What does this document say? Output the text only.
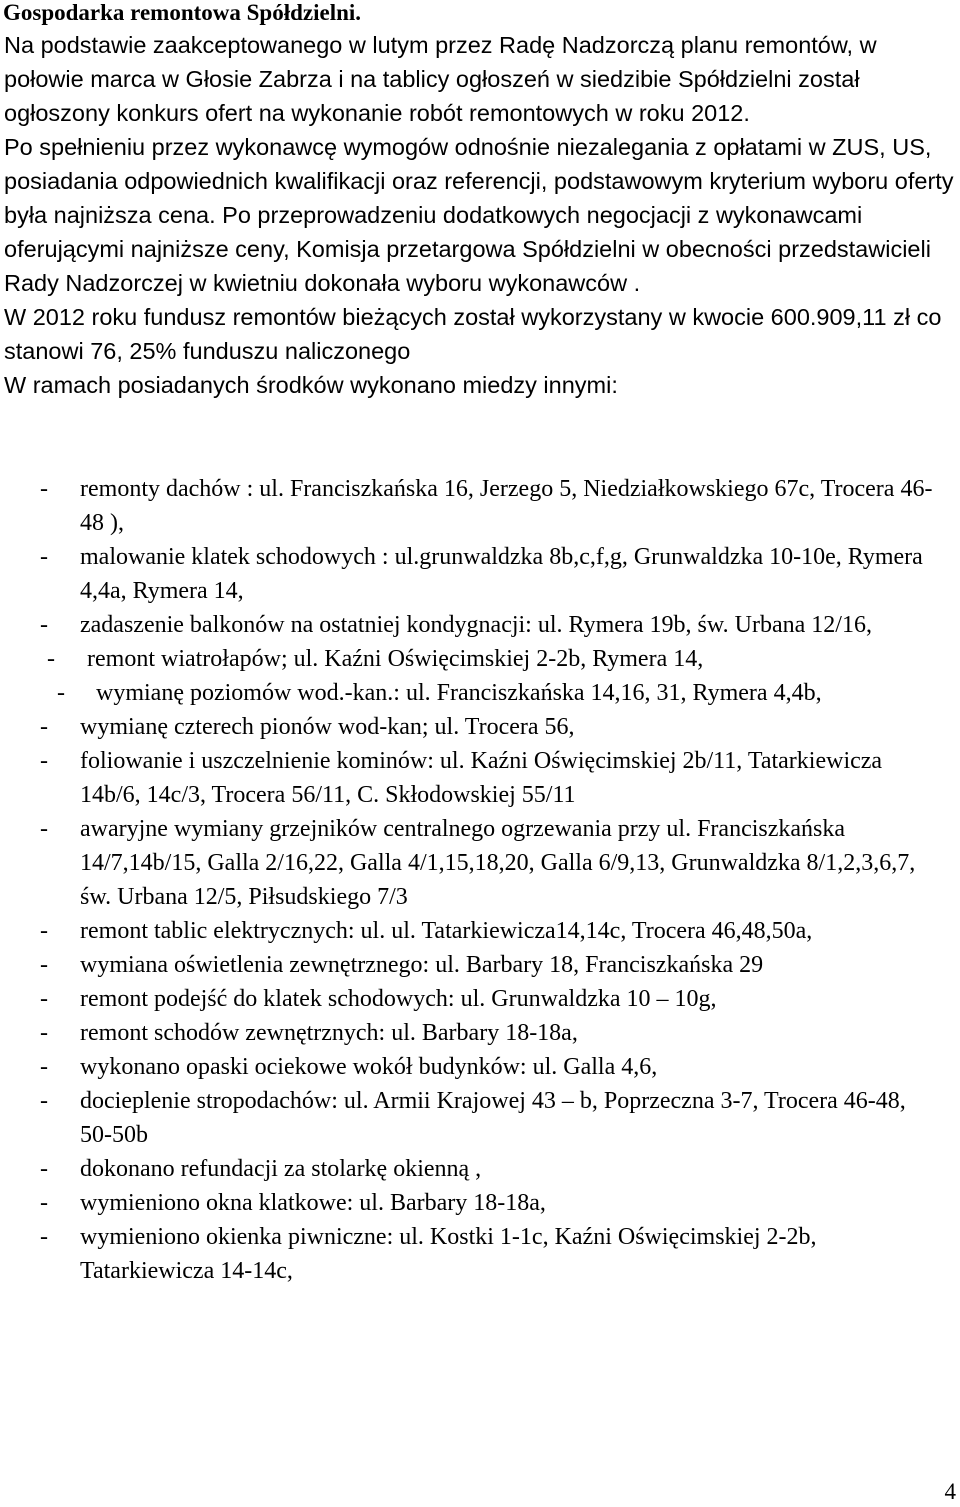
Gospodarka remontowa Spółdzielni.

Na podstawie zaakceptowanego w lutym przez Radę Nadzorczą planu remontów, w połowie marca w Głosie Zabrza i na tablicy ogłoszeń w siedzibie Spółdzielni został ogłoszony konkurs ofert na wykonanie robót remontowych w roku 2012.

Po spełnieniu przez wykonawcę wymogów odnośnie niezalegania z opłatami w ZUS, US, posiadania odpowiednich kwalifikacji oraz referencji, podstawowym kryterium wyboru oferty była najniższa cena. Po przeprowadzeniu dodatkowych negocjacji z wykonawcami oferującymi najniższe ceny, Komisja przetargowa Spółdzielni w obecności przedstawicieli Rady Nadzorczej w kwietniu dokonała wyboru wykonawców .

W 2012 roku fundusz remontów bieżących został wykorzystany w kwocie 600.909,11 zł co stanowi 76, 25% funduszu naliczonego

W ramach posiadanych środków wykonano miedzy innymi:

-	remonty dachów : ul. Franciszkańska 16, Jerzego 5, Niedziałkowskiego 67c, Trocera 46-48 ),
-	malowanie klatek schodowych : ul.grunwaldzka 8b,c,f,g, Grunwaldzka 10-10e, Rymera 4,4a, Rymera 14,
-	zadaszenie balkonów na ostatniej kondygnacji: ul. Rymera 19b, św. Urbana 12/16,
-	remont wiatrołapów; ul. Kaźni Oświęcimskiej 2-2b, Rymera 14,
-	wymianę poziomów wod.-kan.: ul. Franciszkańska 14,16, 31, Rymera 4,4b,
-	wymianę czterech pionów wod-kan; ul. Trocera 56,
-	foliowanie i uszczelnienie kominów: ul. Kaźni Oświęcimskiej 2b/11, Tatarkiewicza 14b/6, 14c/3, Trocera 56/11, C. Skłodowskiej 55/11
-	awaryjne wymiany grzejników centralnego ogrzewania przy ul. Franciszkańska 14/7,14b/15, Galla 2/16,22, Galla 4/1,15,18,20, Galla 6/9,13, Grunwaldzka 8/1,2,3,6,7, św. Urbana 12/5, Piłsudskiego 7/3
-	remont tablic elektrycznych: ul. ul. Tatarkiewicza14,14c, Trocera 46,48,50a,
-	wymiana oświetlenia zewnętrznego: ul. Barbary 18, Franciszkańska 29
-	remont podejść do klatek schodowych: ul. Grunwaldzka 10 – 10g,
-	remont schodów zewnętrznych: ul. Barbary 18-18a,
-	wykonano opaski ociekowe wokół budynków: ul. Galla 4,6,
-	docieplenie stropodachów: ul. Armii Krajowej 43 – b, Poprzeczna 3-7, Trocera 46-48, 50-50b
-	dokonano refundacji za stolarkę okienną ,
-	wymieniono okna klatkowe: ul. Barbary 18-18a,
-	wymieniono okienka piwniczne: ul. Kostki 1-1c, Kaźni Oświęcimskiej 2-2b, Tatarkiewicza 14-14c,
4
